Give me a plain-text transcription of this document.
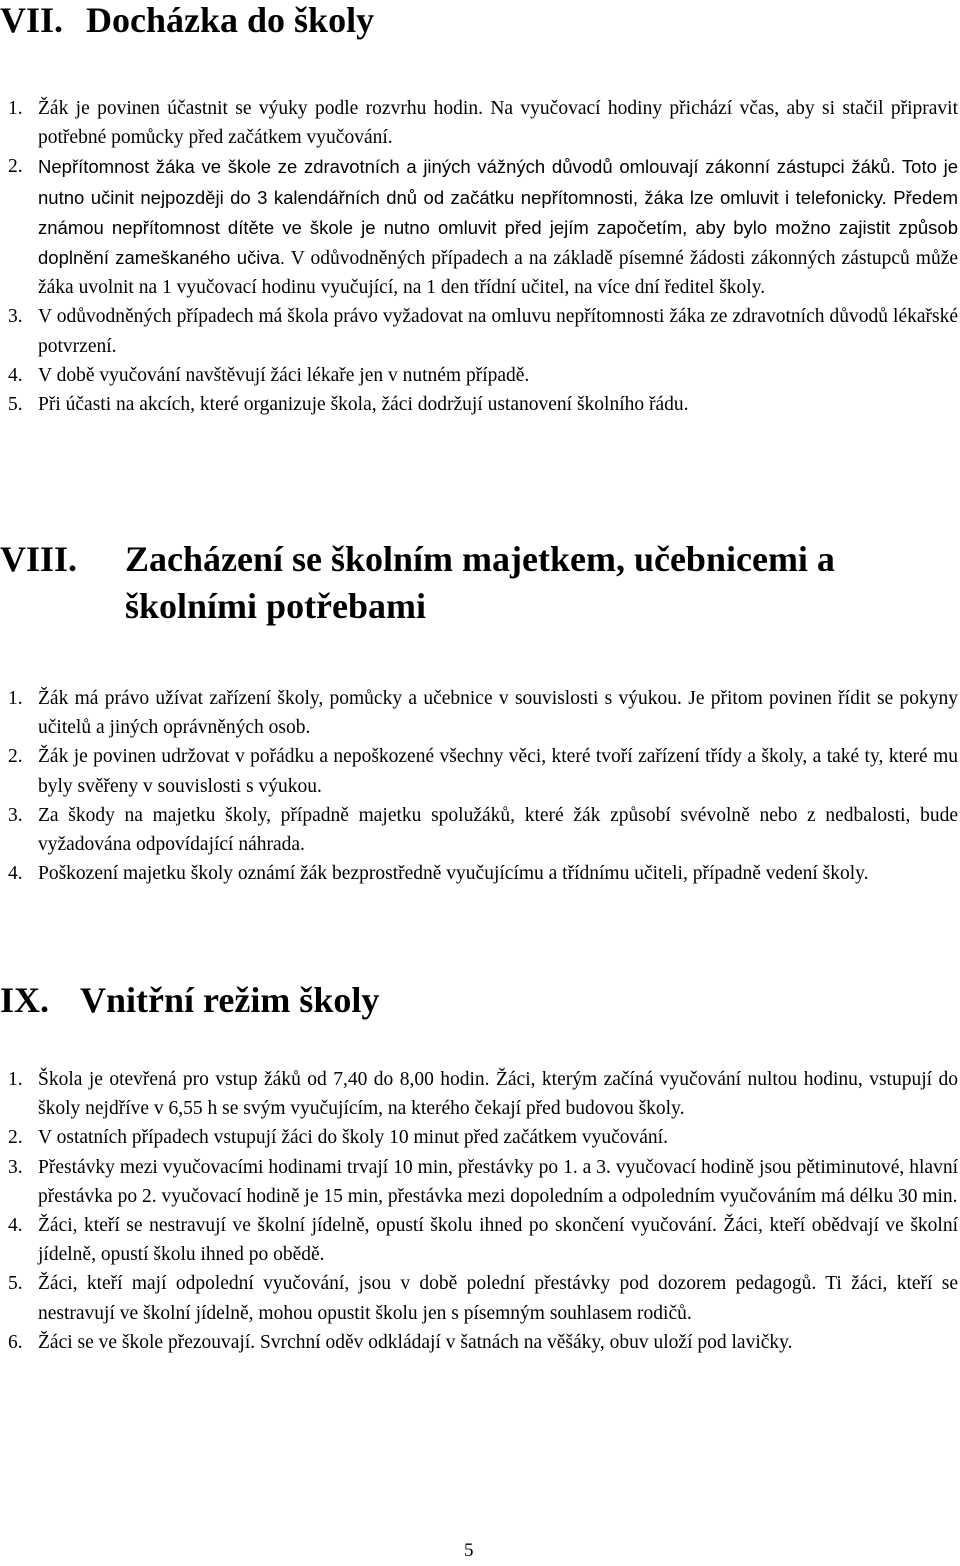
VII. Docházka do školy
1. Žák je povinen účastnit se výuky podle rozvrhu hodin. Na vyučovací hodiny přichází včas, aby si stačil připravit potřebné pomůcky před začátkem vyučování.
2. Nepřítomnost žáka ve škole ze zdravotních a jiných vážných důvodů omlouvají zákonní zástupci žáků. Toto je nutno učinit nejpozději do 3 kalendářních dnů od začátku nepřítomnosti, žáka lze omluvit i telefonicky. Předem známou nepřítomnost dítěte ve škole je nutno omluvit před jejím započetím, aby bylo možno zajistit způsob doplnění zameškaného učiva. V odůvodněných případech a na základě písemné žádosti zákonných zástupců může žáka uvolnit na 1 vyučovací hodinu vyučující, na 1 den třídní učitel, na více dní ředitel školy.
3. V odůvodněných případech má škola právo vyžadovat na omluvu nepřítomnosti žáka ze zdravotních důvodů lékařské potvrzení.
4. V době vyučování navštěvují žáci lékaře jen v nutném případě.
5. Při účasti na akcích, které organizuje škola, žáci dodržují ustanovení školního řádu.
VIII. Zacházení se školním majetkem, učebnicemi a školními potřebami
1. Žák má právo užívat zařízení školy, pomůcky a učebnice v souvislosti s výukou. Je přitom povinen řídit se pokyny učitelů a jiných oprávněných osob.
2. Žák je povinen udržovat v pořádku a nepoškozené všechny věci, které tvoří zařízení třídy a školy, a také ty, které mu byly svěřeny v souvislosti s výukou.
3. Za škody na majetku školy, případně majetku spolužáků, které žák způsobí svévolně nebo z nedbalosti, bude vyžadována odpovídající náhrada.
4. Poškození majetku školy oznámí žák bezprostředně vyučujícímu a třídnímu učiteli, případně vedení školy.
IX. Vnitřní režim školy
1. Škola je otevřená pro vstup žáků od 7,40 do 8,00 hodin. Žáci, kterým začíná vyučování nultou hodinu, vstupují do školy nejdříve v 6,55 h se svým vyučujícím, na kterého čekají před budovou školy.
2. V ostatních případech vstupují žáci do školy 10 minut před začátkem vyučování.
3. Přestávky mezi vyučovacími hodinami trvají 10 min, přestávky po 1. a 3. vyučovací hodině jsou pětiminutové, hlavní přestávka po 2. vyučovací hodině je 15 min, přestávka mezi dopoledním a odpoledním vyučováním má délku 30 min.
4. Žáci, kteří se nestravují ve školní jídelně, opustí školu ihned po skončení vyučování. Žáci, kteří obědvají ve školní jídelně, opustí školu ihned po obědě.
5. Žáci, kteří mají odpolední vyučování, jsou v době polední přestávky pod dozorem pedagogů. Ti žáci, kteří se nestravují ve školní jídelně, mohou opustit školu jen s písemným souhlasem rodičů.
6. Žáci se ve škole přezouvají. Svrchní oděv odkládají v šatnách na věšáky, obuv uloží pod lavičky.
5
